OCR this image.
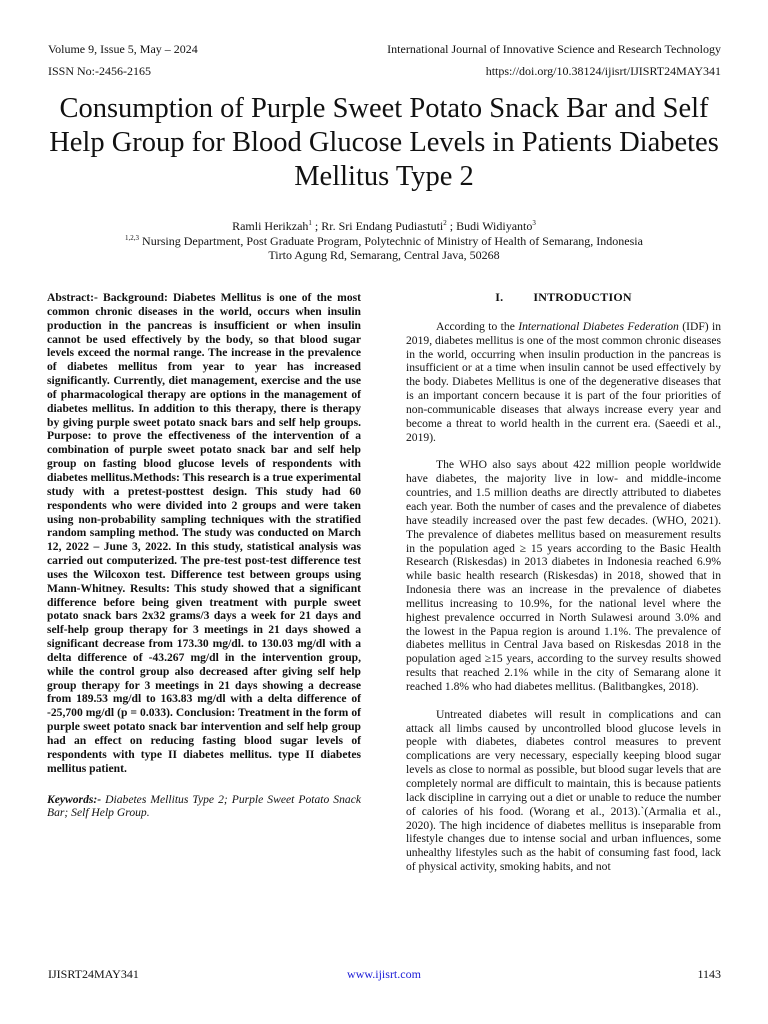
Volume 9, Issue 5, May – 2024	International Journal of Innovative Science and Research Technology
ISSN No:-2456-2165	https://doi.org/10.38124/ijisrt/IJISRT24MAY341
Consumption of Purple Sweet Potato Snack Bar and Self Help Group for Blood Glucose Levels in Patients Diabetes Mellitus Type 2
Ramli Herikzah$^1$ ; Rr. Sri Endang Pudiastuti$^2$ ; Budi Widiyanto$^3$
$^{1,2,3}$ Nursing Department, Post Graduate Program, Polytechnic of Ministry of Health of Semarang, Indonesia
Tirto Agung Rd, Semarang, Central Java, 50268

Abstract:- Background: Diabetes Mellitus is one of the most common chronic diseases in the world, occurs when insulin production in the pancreas is insufficient or when insulin cannot be used effectively by the body, so that blood sugar levels exceed the normal range. The increase in the prevalence of diabetes mellitus from year to year has increased significantly. Currently, diet management, exercise and the use of pharmacological therapy are options in the management of diabetes mellitus. In addition to this therapy, there is therapy by giving purple sweet potato snack bars and self help groups. Purpose: to prove the effectiveness of the intervention of a combination of purple sweet potato snack bar and self help group on fasting blood glucose levels of respondents with diabetes mellitus.Methods: This research is a true experimental study with a pretest-posttest design. This study had 60 respondents who were divided into 2 groups and were taken using non-probability sampling techniques with the stratified random sampling method. The study was conducted on March 12, 2022 – June 3, 2022. In this study, statistical analysis was carried out computerized. The pre-test post-test difference test uses the Wilcoxon test. Difference test between groups using Mann-Whitney. Results: This study showed that a significant difference before being given treatment with purple sweet potato snack bars 2x32 grams/3 days a week for 21 days and self-help group therapy for 3 meetings in 21 days showed a significant decrease from 173.30 mg/dl. to 130.03 mg/dl with a delta difference of -43.267 mg/dl in the intervention group, while the control group also decreased after giving self help group therapy for 3 meetings in 21 days showing a decrease from 189.53 mg/dl to 163.83 mg/dl with a delta difference of -25,700 mg/dl (p = 0.033). Conclusion: Treatment in the form of purple sweet potato snack bar intervention and self help group had an effect on reducing fasting blood sugar levels of respondents with type II diabetes mellitus. type II diabetes mellitus patient.

Keywords:- Diabetes Mellitus Type 2; Purple Sweet Potato Snack Bar; Self Help Group.

I.	INTRODUCTION

According to the International Diabetes Federation (IDF) in 2019, diabetes mellitus is one of the most common chronic diseases in the world, occurring when insulin production in the pancreas is insufficient or at a time when insulin cannot be used effectively by the body. Diabetes Mellitus is one of the degenerative diseases that is an important concern because it is part of the four priorities of non-communicable diseases that always increase every year and become a threat to world health in the current era. (Saeedi et al., 2019).

The WHO also says about 422 million people worldwide have diabetes, the majority live in low- and middle-income countries, and 1.5 million deaths are directly attributed to diabetes each year. Both the number of cases and the prevalence of diabetes have steadily increased over the past few decades. (WHO, 2021). The prevalence of diabetes mellitus based on measurement results in the population aged ≥ 15 years according to the Basic Health Research (Riskesdas) in 2013 diabetes in Indonesia reached 6.9% while basic health research (Riskesdas) in 2018, showed that in Indonesia there was an increase in the prevalence of diabetes mellitus increasing to 10.9%, for the national level where the highest prevalence occurred in North Sulawesi around 3.0% and the lowest in the Papua region is around 1.1%. The prevalence of diabetes mellitus in Central Java based on Riskesdas 2018 in the population aged ≥15 years, according to the survey results showed results that reached 2.1% while in the city of Semarang alone it reached 1.8% who had diabetes mellitus. (Balitbangkes, 2018).

Untreated diabetes will result in complications and can attack all limbs caused by uncontrolled blood glucose levels in people with diabetes, diabetes control measures to prevent complications are very necessary, especially keeping blood sugar levels as close to normal as possible, but blood sugar levels that are completely normal are difficult to maintain, this is because patients lack discipline in carrying out a diet or unable to reduce the number of calories of his food. (Worang et al., 2013).`(Armalia et al., 2020). The high incidence of diabetes mellitus is inseparable from lifestyle changes due to intense social and urban influences, some unhealthy lifestyles such as the habit of consuming fast food, lack of physical activity, smoking habits, and not

IJISRT24MAY341	www.ijisrt.com	1143
